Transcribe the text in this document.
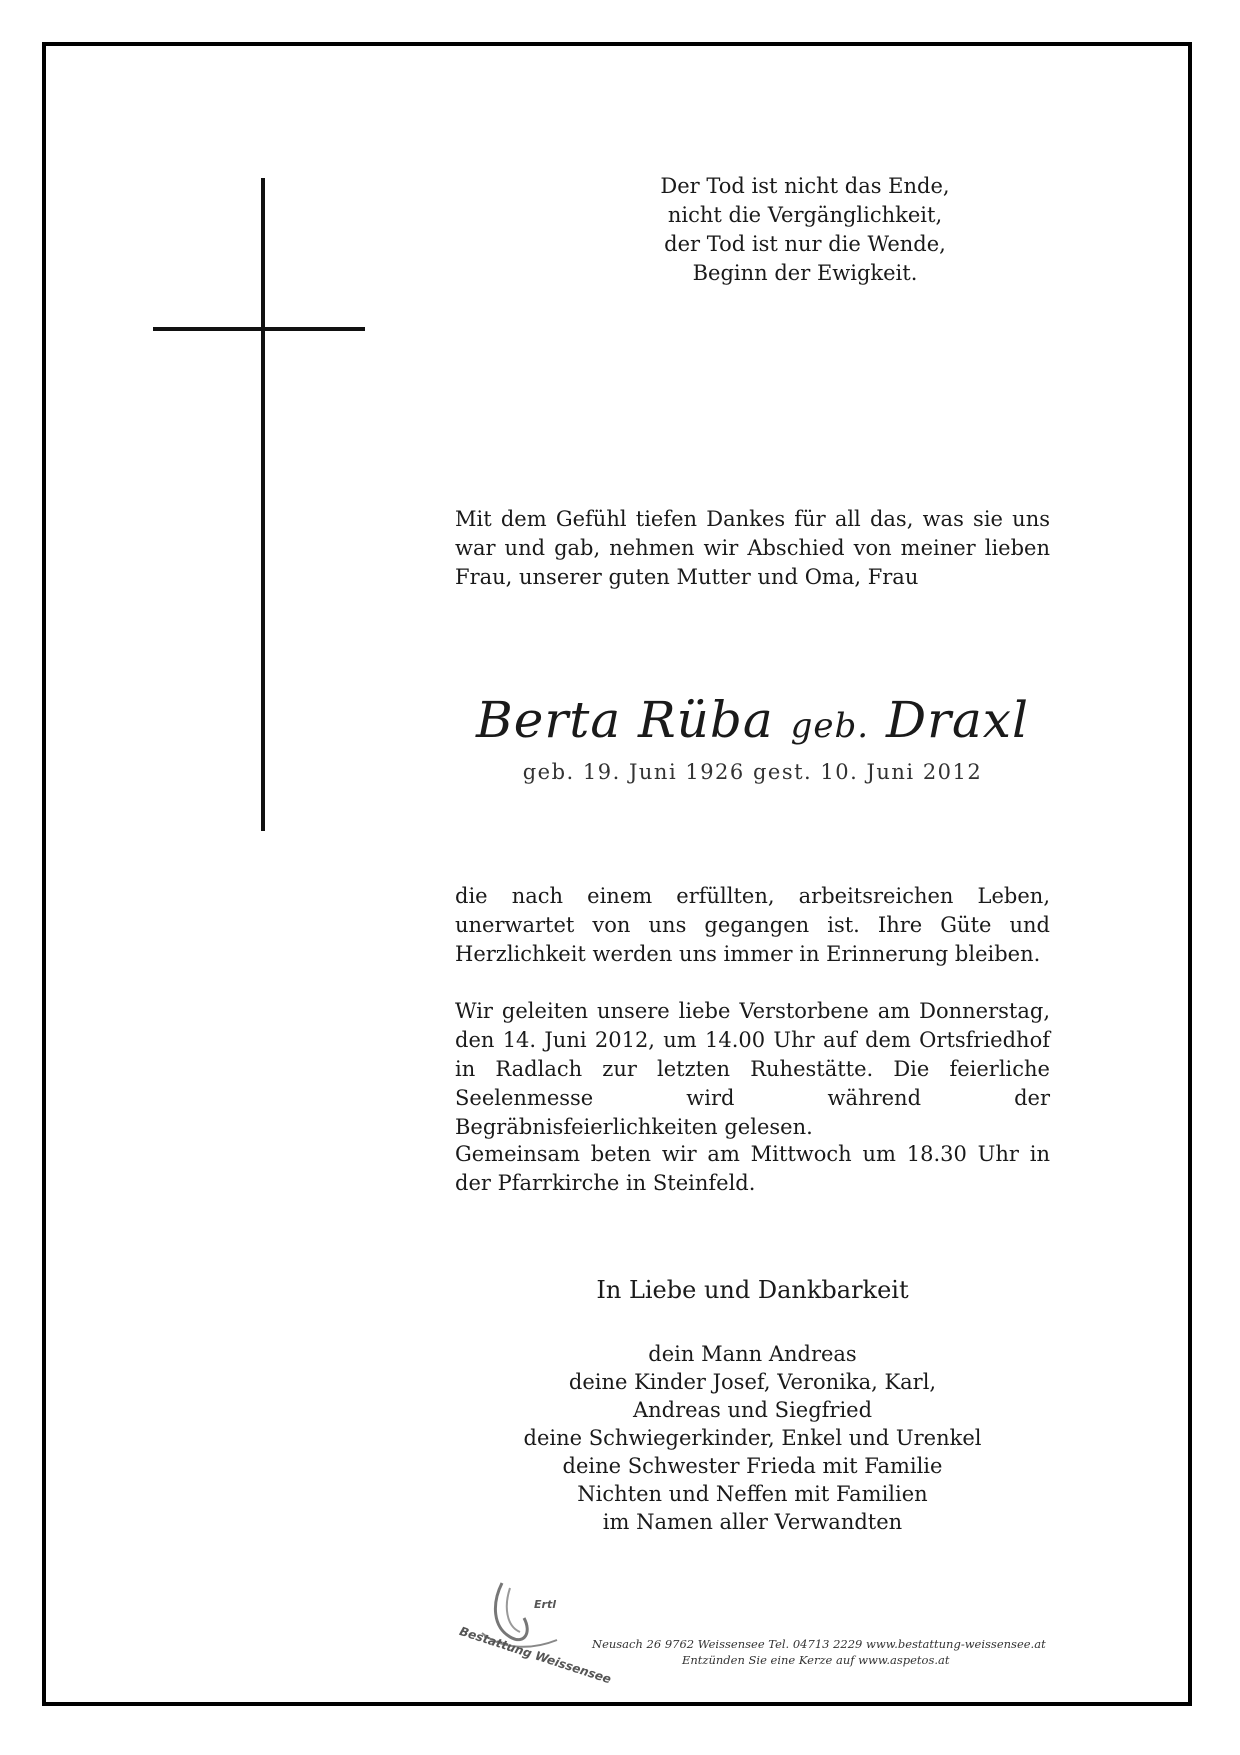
Der Tod ist nicht das Ende,
nicht die Vergänglichkeit,
der Tod ist nur die Wende,
Beginn der Ewigkeit.
Mit dem Gefühl tiefen Dankes für all das, was sie uns war und gab, nehmen wir Abschied von meiner lieben Frau, unserer guten Mutter und Oma, Frau
Berta Rüba geb. Draxl
geb. 19. Juni 1926 gest. 10. Juni 2012
die nach einem erfüllten, arbeitsreichen Leben, unerwartet von uns gegangen ist. Ihre Güte und Herzlichkeit werden uns immer in Erinnerung bleiben.
Wir geleiten unsere liebe Verstorbene am Donnerstag, den 14. Juni 2012, um 14.00 Uhr auf dem Ortsfriedhof in Radlach zur letzten Ruhestätte. Die feierliche Seelenmesse wird während der Begräbnisfeierlichkeiten gelesen.
Gemeinsam beten wir am Mittwoch um 18.30 Uhr in der Pfarrkirche in Steinfeld.
In Liebe und Dankbarkeit
dein Mann Andreas
deine Kinder Josef, Veronika, Karl,
Andreas und Siegfried
deine Schwiegerkinder, Enkel und Urenkel
deine Schwester Frieda mit Familie
Nichten und Neffen mit Familien
im Namen aller Verwandten
Ertl
Bestattung Weissensee
Neusach 26 9762 Weissensee Tel. 04713 2229 www.bestattung-weissensee.at
Entzünden Sie eine Kerze auf www.aspetos.at
